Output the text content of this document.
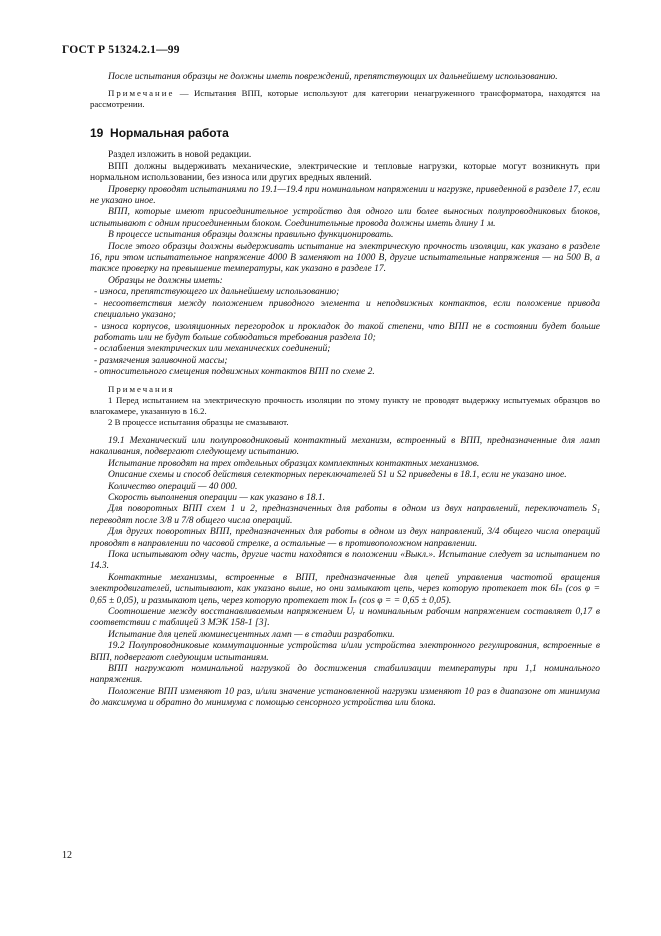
ГОСТ Р 51324.2.1—99

После испытания образцы не должны иметь повреждений, препятствующих их дальнейшему использованию.

Примечание — Испытания ВПП, которые используют для категории ненагруженного трансформатора, находятся на рассмотрении.

19 Нормальная работа

Раздел изложить в новой редакции.

ВПП должны выдерживать механические, электрические и тепловые нагрузки, которые могут возникнуть при нормальном использовании, без износа или других вредных явлений.

Проверку проводят испытаниями по 19.1—19.4 при номинальном напряжении и нагрузке, приведенной в разделе 17, если не указано иное.

ВПП, которые имеют присоединительное устройство для одного или более выносных полупроводниковых блоков, испытывают с одним присоединенным блоком. Соединительные провода должны иметь длину 1 м.

В процессе испытания образцы должны правильно функционировать.

После этого образцы должны выдерживать испытание на электрическую прочность изоляции, как указано в разделе 16, при этом испытательное напряжение 4000 В заменяют на 1000 В, другие испытательные напряжения — на 500 В, а также проверку на превышение температуры, как указано в разделе 17.

Образцы не должны иметь:

- износа, препятствующего их дальнейшему использованию;

- несоответствия между положением приводного элемента и неподвижных контактов, если положение привода специально указано;

- износа корпусов, изоляционных перегородок и прокладок до такой степени, что ВПП не в состоянии будет больше работать или не будут больше соблюдаться требования раздела 10;

- ослабления электрических или механических соединений;

- размягчения заливочной массы;

- относительного смещения подвижных контактов ВПП по схеме 2.

Примечания

1 Перед испытанием на электрическую прочность изоляции по этому пункту не проводят выдержку испытуемых образцов во влагокамере, указанную в 16.2.

2 В процессе испытания образцы не смазывают.

19.1 Механический или полупроводниковый контактный механизм, встроенный в ВПП, предназначенные для ламп накаливания, подвергают следующему испытанию.

Испытание проводят на трех отдельных образцах комплектных контактных механизмов.

Описание схемы и способ действия селекторных переключателей S1 и S2 приведены в 18.1, если не указано иное.

Количество операций — 40 000.

Скорость выполнения операции — как указано в 18.1.

Для поворотных ВПП схем 1 и 2, предназначенных для работы в одном из двух направлений, переключатель S₁ переводят после 3/8 и 7/8 общего числа операций.

Для других поворотных ВПП, предназначенных для работы в одном из двух направлений, 3/4 общего числа операций проводят в направлении по часовой стрелке, а остальные — в противоположном направлении.

Пока испытывают одну часть, другие части находятся в положении «Выкл.». Испытание следует за испытанием по 14.3.

Контактные механизмы, встроенные в ВПП, предназначенные для цепей управления частотой вращения электродвигателей, испытывают, как указано выше, но они замыкают цепь, через которую протекает ток 6Iₙ (cos φ = 0,65 ± 0,05), и размыкают цепь, через которую протекает ток Iₙ (cos φ = = 0,65 ± 0,05).

Соотношение между восстанавливаемым напряжением Uᵣ и номинальным рабочим напряжением составляет 0,17 в соответствии с таблицей 3 МЭК 158-1 [3].

Испытание для цепей люминесцентных ламп — в стадии разработки.

19.2 Полупроводниковые коммутационные устройства и/или устройства электронного регулирования, встроенные в ВПП, подвергают следующим испытаниям.

ВПП нагружают номинальной нагрузкой до достижения стабилизации температуры при 1,1 номинального напряжения.

Положение ВПП изменяют 10 раз, и/или значение установленной нагрузки изменяют 10 раз в диапазоне от минимума до максимума и обратно до минимума с помощью сенсорного устройства или блока.

12
